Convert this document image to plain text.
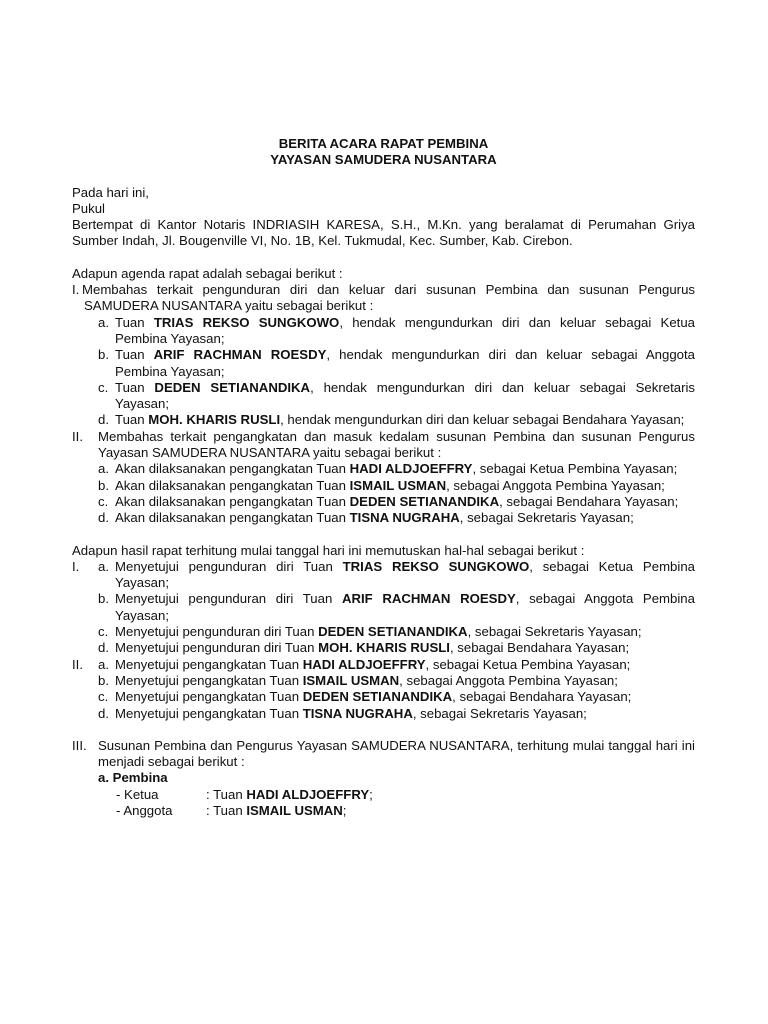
BERITA ACARA RAPAT PEMBINA
YAYASAN SAMUDERA NUSANTARA
Pada hari ini,
Pukul
Bertempat di Kantor Notaris INDRIASIH KARESA, S.H., M.Kn. yang beralamat di Perumahan Griya Sumber Indah, Jl. Bougenville VI, No. 1B, Kel. Tukmudal, Kec. Sumber, Kab. Cirebon.
Adapun agenda rapat adalah sebagai berikut :
I. Membahas terkait pengunduran diri dan keluar dari susunan Pembina dan susunan Pengurus SAMUDERA NUSANTARA yaitu sebagai berikut :
a. Tuan TRIAS REKSO SUNGKOWO, hendak mengundurkan diri dan keluar sebagai Ketua Pembina Yayasan;
b. Tuan ARIF RACHMAN ROESDY, hendak mengundurkan diri dan keluar sebagai Anggota Pembina Yayasan;
c. Tuan DEDEN SETIANANDIKA, hendak mengundurkan diri dan keluar sebagai Sekretaris Yayasan;
d. Tuan MOH. KHARIS RUSLI, hendak mengundurkan diri dan keluar sebagai Bendahara Yayasan;
II.	Membahas terkait pengangkatan dan masuk kedalam susunan Pembina dan susunan Pengurus Yayasan SAMUDERA NUSANTARA yaitu sebagai berikut :
a. Akan dilaksanakan pengangkatan Tuan HADI ALDJOEFFRY, sebagai Ketua Pembina Yayasan;
b. Akan dilaksanakan pengangkatan Tuan ISMAIL USMAN, sebagai Anggota Pembina Yayasan;
c. Akan dilaksanakan pengangkatan Tuan DEDEN SETIANANDIKA, sebagai Bendahara Yayasan;
d. Akan dilaksanakan pengangkatan Tuan TISNA NUGRAHA, sebagai Sekretaris Yayasan;
Adapun hasil rapat terhitung mulai tanggal hari ini memutuskan hal-hal sebagai berikut :
I.	a. Menyetujui pengunduran diri Tuan TRIAS REKSO SUNGKOWO, sebagai Ketua Pembina Yayasan;
b. Menyetujui pengunduran diri Tuan ARIF RACHMAN ROESDY, sebagai Anggota Pembina Yayasan;
c. Menyetujui pengunduran diri Tuan DEDEN SETIANANDIKA, sebagai Sekretaris Yayasan;
d. Menyetujui pengunduran diri Tuan MOH. KHARIS RUSLI, sebagai Bendahara Yayasan;
II.	a. Menyetujui pengangkatan Tuan HADI ALDJOEFFRY, sebagai Ketua Pembina Yayasan;
b. Menyetujui pengangkatan Tuan ISMAIL USMAN, sebagai Anggota Pembina Yayasan;
c. Menyetujui pengangkatan Tuan DEDEN SETIANANDIKA, sebagai Bendahara Yayasan;
d. Menyetujui pengangkatan Tuan TISNA NUGRAHA, sebagai Sekretaris Yayasan;
III. Susunan Pembina dan Pengurus Yayasan SAMUDERA NUSANTARA, terhitung mulai tanggal hari ini menjadi sebagai berikut :
a. Pembina
- Ketua	: Tuan HADI ALDJOEFFRY;
- Anggota	: Tuan ISMAIL USMAN;
